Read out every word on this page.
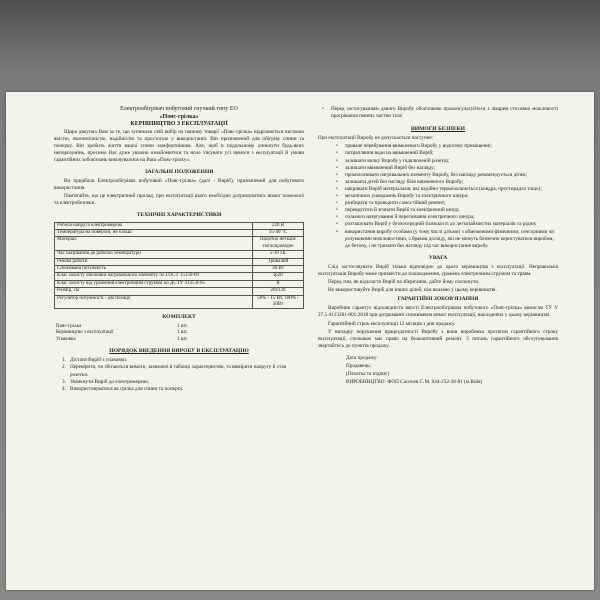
Електрообігрівач побутовий гнучкий типу ЕО
«Пояс-грілка»
КЕРІВНИЦТВО З ЕКСПЛУАТАЦІЇ

Щиро дякуємо Вам за те, що зупинили свій вибір на нашому товарі! «Пояс-грілка» відрізняється високою якістю, економічністю, надійністю та простотою у використанні. Він призначений для обігріву спини та поперку. Він зробить життя вашої спини комфортнішим. Але, щоб в подальшому уникнути будь-яких непорозумінь, просимо Вас дуже уважно ознайомитися та ясно з'ясувати усі вимоги з експлуатації й умови гарантійних зобов'язань виконувалися на Ваш «Пояс-грілку».

ЗАГАЛЬНІ ПОЛОЖЕННЯ

Ви придбали Електрообігрівач побутовий «Пояс-грілка» (далі - Виріб), призначений для побутового використання.

Пам'ятайте, що це електричний прилад, при експлуатації якого необхідно дотримуватись вимог пожежної та електробезпеки.

ТЕХНІЧНІ ХАРАКТЕРИСТИКИ
Робоча напруга електромережі	220 В
Температура на поверхні, не більш	35-40 °С
Матеріал	Полотно нетканє теплопровідне
Час нагрівання до робочої температури	5-10 хв.
Режим роботи	Тривалий
Споживана потужність	30 Вт
Клас захисту оболонки нагрівального елементу по ГОСТ 15150-69	Ip20
Клас захисту від ураження електричним струмом по ДСТУ 3135.0-95	II
Розмір, см	20х130
Регулятор потужності - дві позиції	50% - 15 Вт, 100% - 30Вт
КОМПЛЕКТ
Пояс-грілка	1 шт.
Керівництво з експлуатації	1 шт.
Упаковка	1 шт.
ПОРЯДОК ВВЕДЕННЯ ВИРОБУ В ЕКСПЛУАТАЦІЮ
1. Дістати Виріб з упаковки.
2. Перевірити, чи збігаються вимоги, зазначені в таблиці характеристик, та вимірити напругу й стан розетки.
3. Увімкнути Виріб до електромережі.
4. Використовуватися як грілка для спини та поперку.
•	Перед застосуванням даного Виробу обов'язково проконсультуйтеся з лікарем стосовно можливості прогрівання певних частин тіла!

ВИМОГИ БЕЗПЕКИ

При експлуатації Виробу не допускається наступне:

•	тривале перебування ввімкненого Виробу у водогому приміщенні;
•	потрапляння води на ввімкнений Виріб;
•	залишати вилку Виробу у підключеній розетці;
•	залишати ввімкнений Виріб без нагляду;
•	прокололювати нагрівальних елементу Виробу, без нагляду рекомендується дітям;
•	залишати дітей без нагляду біля ввімкненого Виробу;
•	накривати Виріб матеріалами, які надійно термоізолюються (ковдра, простирадла тощо);
•	механічних ушкоджень Виробу та електричного шнура;
•	розбирати та проводити самостійний ремонт;
•	перекрутити й згинати Виріб та електричний шнур;
•	сильного натягування й перегинання електричного шнура;
•	розташувати Виріб у безпосередній близькості до легкозаймистих матеріалів та рідин;
•	використання виробу особами (у тому числі дітьми) з обмеженими фізичними, сенсорними чи розумовими можливостями, з браком досвіду, які не можуть безпечно користуватися виробом, до бетону, і не тримати без нагляду під час використання виробу.
УВАГА

Слід застосовувати Виріб тільки відповідно до цього керівництва з експлуатації. Неправильна експлуатація Виробу може призвести до пошкодження, уражень електричним струмом та травм.

Перед тим, як відкласти Виріб на зберігання, дайте йому охолонути.

Не використовуйте Виріб для інших цілей, ніж вказано у цьому керівництві.

ГАРАНТІЙНІ ЗОБОВ'ЯЗАННЯ

Виробник гарантує відповідність якості Електрообігрівача побутового «Пояс-грілка» вимогам ТУ У 27.5-4113281-001:2018 при дотриманні споживачем вимог експлуатації, викладених у цьому керівництві.

Гарантійний строк експлуатації 12 місяців з дня продажу.

У випадку порушення працездатності Виробу з вини виробника протягом гарантійного строку експлуатації, споживач має право на безкоштовний ремонт. З питань гарантійного обслуговування звертайтесь до пунктів продажу.

Дата продажу:
Продавець:
(Печатка та підпис)
ВИРОБНИЦТВО: ФОП Сасичев С.М. 044-232-38-81 (м.Київ)
